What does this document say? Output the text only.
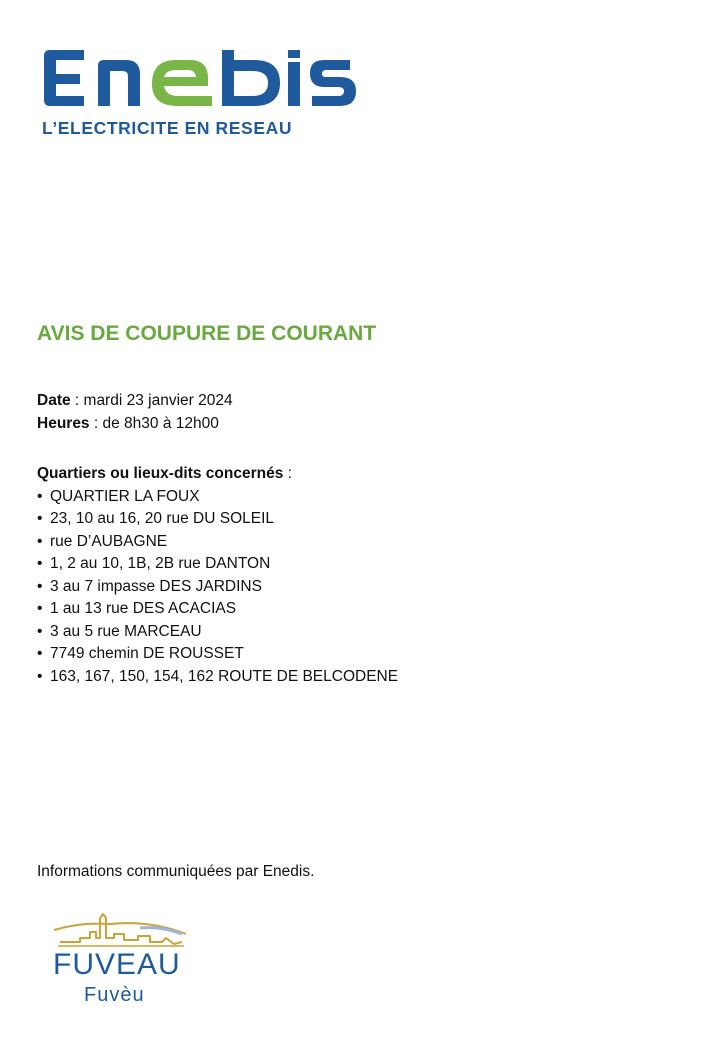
L’ELECTRICITE EN RESEAU
AVIS DE COUPURE DE COURANT
Date : mardi 23 janvier 2024
Heures : de 8h30 à 12h00
Quartiers ou lieux-dits concernés :
• QUARTIER LA FOUX
• 23, 10 au 16, 20 rue DU SOLEIL
• rue D’AUBAGNE
• 1, 2 au 10, 1B, 2B rue DANTON
• 3 au 7 impasse DES JARDINS
• 1 au 13 rue DES ACACIAS
• 3 au 5 rue MARCEAU
• 7749 chemin DE ROUSSET
• 163, 167, 150, 154, 162 ROUTE DE BELCODENE
Informations communiquées par Enedis.
FUVEAU
Fuvèu
